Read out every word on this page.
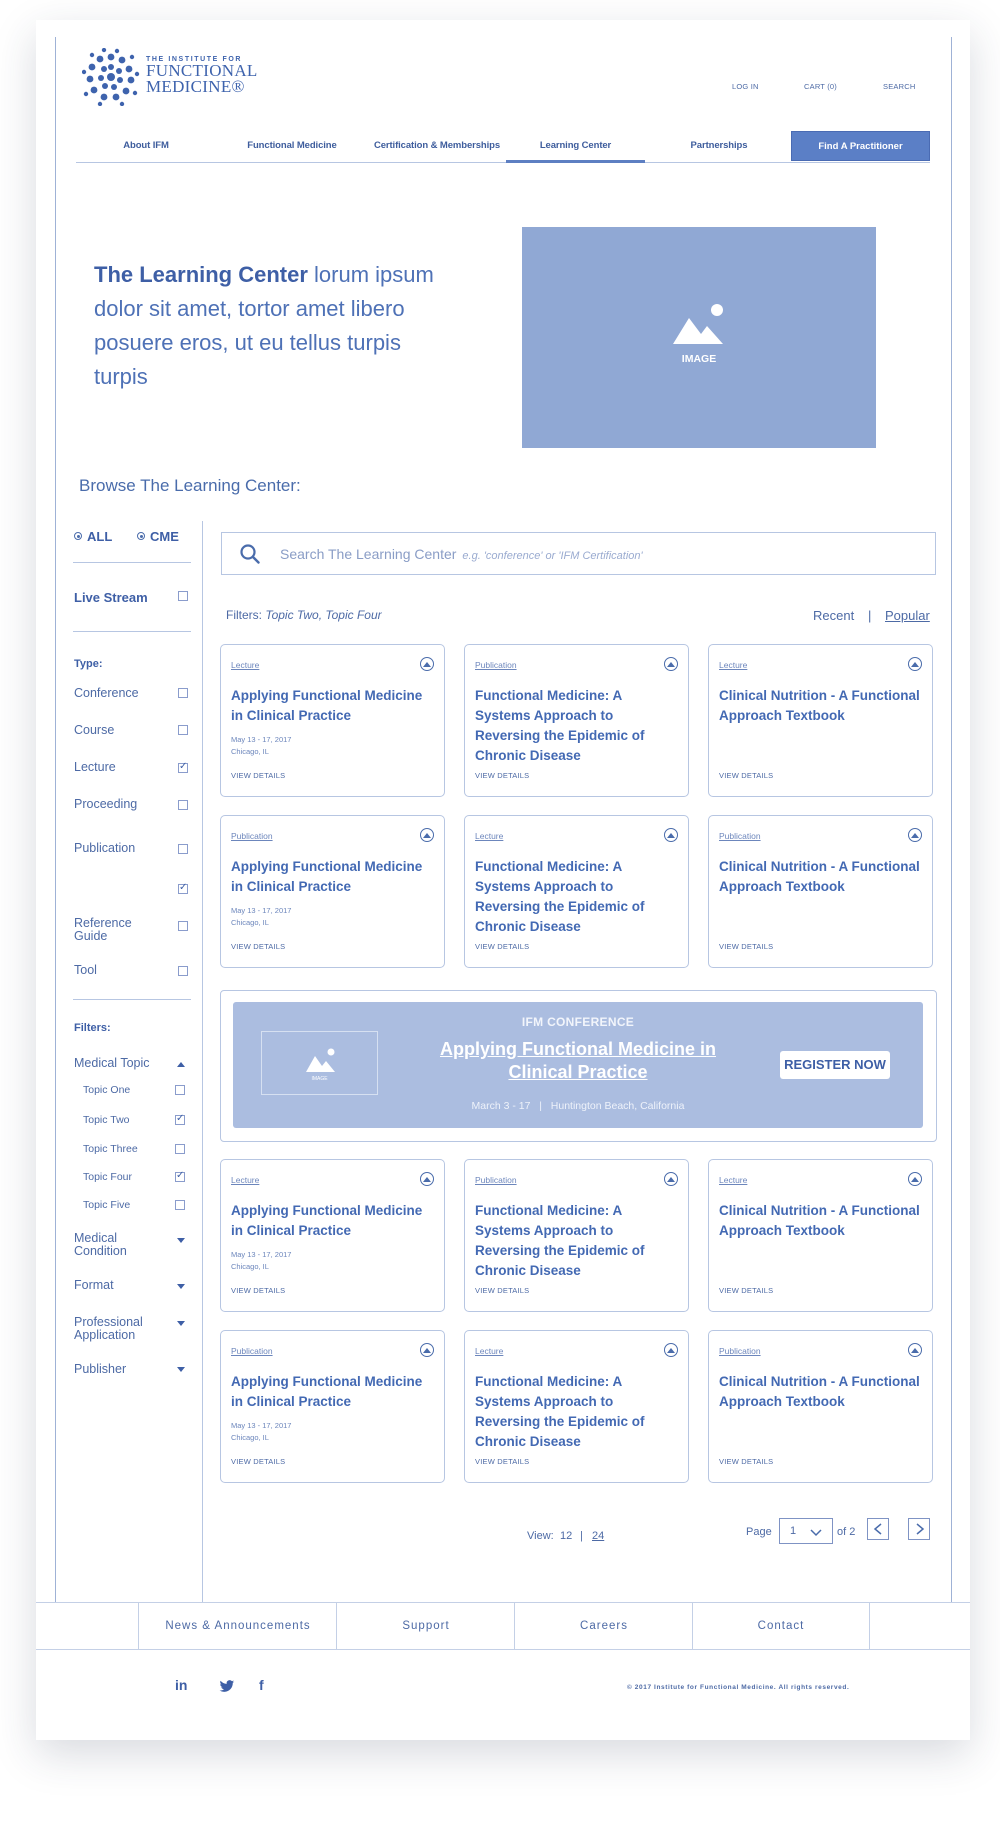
THE INSTITUTE FOR
FUNCTIONAL
MEDICINE®	LOG IN	CART (0)	SEARCH
About IFM	Functional Medicine	Certification & Memberships	Learning Center	Partnerships	Find A Practitioner
The Learning Center lorum ipsum dolor sit amet, tortor amet libero posuere eros, ut eu tellus turpis turpis
IMAGE
Browse The Learning Center:
ALL	CME
Live Stream
Type:
Conference
Course
Lecture
✓
Proceeding
Publication
✓
Reference Guide
Tool
Filters:
Medical Topic
Topic One
Topic Two
✓
Topic Three
Topic Four
✓
Topic Five
Medical Condition
Format
Professional Application
Publisher
Search The Learning Center e.g. 'conference' or 'IFM Certification'
Filters: Topic Two, Topic Four	Recent | Popular
Lecture
Applying Functional Medicine in Clinical Practice
May 13 - 17, 2017
Chicago, IL
VIEW DETAILS
Publication
Functional Medicine: A Systems Approach to Reversing the Epidemic of Chronic Disease
VIEW DETAILS
Lecture
Clinical Nutrition - A Functional Approach Textbook
VIEW DETAILS
Publication
Applying Functional Medicine in Clinical Practice
May 13 - 17, 2017
Chicago, IL
VIEW DETAILS
Lecture
Functional Medicine: A Systems Approach to Reversing the Epidemic of Chronic Disease
VIEW DETAILS
Publication
Clinical Nutrition - A Functional Approach Textbook
VIEW DETAILS
Lecture
Applying Functional Medicine in Clinical Practice
May 13 - 17, 2017
Chicago, IL
VIEW DETAILS
Publication
Functional Medicine: A Systems Approach to Reversing the Epidemic of Chronic Disease
VIEW DETAILS
Lecture
Clinical Nutrition - A Functional Approach Textbook
VIEW DETAILS
Publication
Applying Functional Medicine in Clinical Practice
May 13 - 17, 2017
Chicago, IL
VIEW DETAILS
Lecture
Functional Medicine: A Systems Approach to Reversing the Epidemic of Chronic Disease
VIEW DETAILS
Publication
Clinical Nutrition - A Functional Approach Textbook
VIEW DETAILS
IMAGE
IFM CONFERENCE
Applying Functional Medicine in Clinical Practice
March 3 - 17 | Huntington Beach, California
REGISTER NOW
View: 12 | 24	Page 1	of 2
News & Announcements	Support	Careers	Contact
in	f	© 2017 Institute for Functional Medicine. All rights reserved.
